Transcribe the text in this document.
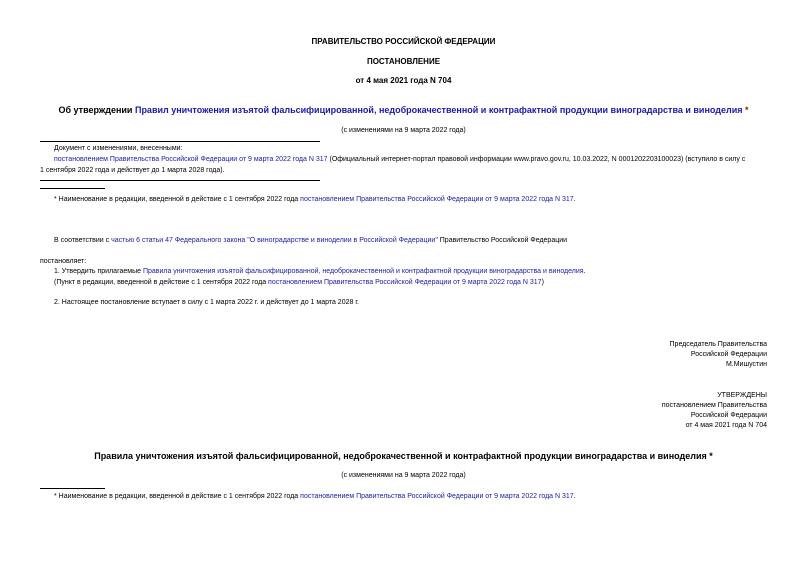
ПРАВИТЕЛЬСТВО РОССИЙСКОЙ ФЕДЕРАЦИИ
ПОСТАНОВЛЕНИЕ
от 4 мая 2021 года N 704
Об утверждении Правил уничтожения изъятой фальсифицированной, недоброкачественной и контрафактной продукции виноградарства и виноделия *
(с изменениями на 9 марта 2022 года)
Документ с изменениями, внесенными:
постановлением Правительства Российской Федерации от 9 марта 2022 года N 317 (Официальный интернет-портал правовой информации www.pravo.gov.ru, 10.03.2022, N 0001202203100023) (вступило в силу с
1 сентября 2022 года и действует до 1 марта 2028 года).
* Наименование в редакции, введенной в действие с 1 сентября 2022 года постановлением Правительства Российской Федерации от 9 марта 2022 года N 317.
В соответствии с частью 6 статьи 47 Федерального закона "О виноградарстве и виноделии в Российской Федерации" Правительство Российской Федерации
постановляет:
1. Утвердить прилагаемые Правила уничтожения изъятой фальсифицированной, недоброкачественной и контрафактной продукции виноградарства и виноделия.
(Пункт в редакции, введенной в действие с 1 сентября 2022 года постановлением Правительства Российской Федерации от 9 марта 2022 года N 317)
2. Настоящее постановление вступает в силу с 1 марта 2022 г. и действует до 1 марта 2028 г.
Председатель Правительства
Российской Федерации
М.Мишустин
УТВЕРЖДЕНЫ
постановлением Правительства
Российской Федерации
от 4 мая 2021 года N 704
Правила уничтожения изъятой фальсифицированной, недоброкачественной и контрафактной продукции виноградарства и виноделия *
(с изменениями на 9 марта 2022 года)
* Наименование в редакции, введенной в действие с 1 сентября 2022 года постановлением Правительства Российской Федерации от 9 марта 2022 года N 317.
